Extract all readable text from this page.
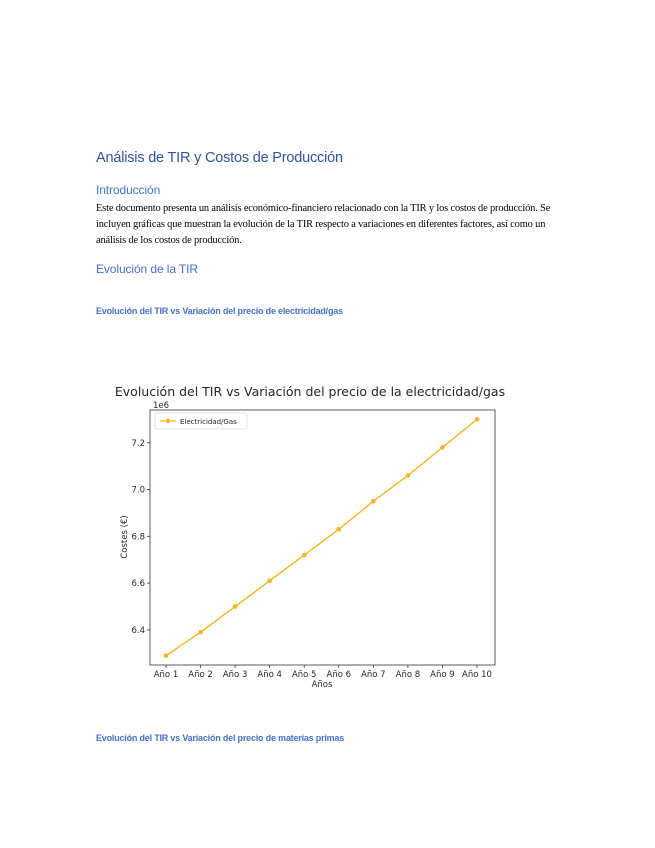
Análisis de TIR y Costos de Producción
Introducción

Este documento presenta un análisis económico-financiero relacionado con la TIR y los costos de producción. Se incluyen gráficas que muestran la evolución de la TIR respecto a variaciones en diferentes factores, así como un análisis de los costos de producción.

Evolución de la TIR

Evolución del TIR vs Variación del precio de electricidad/gas

Evolución del TIR vs Variación del precio de la electricidad/gas
1e6
Costes (€)
Años
6.4
6.6
6.8
7.0
7.2
Año 1 Año 2 Año 3 Año 4 Año 5 Año 6 Año 7 Año 8 Año 9 Año 10
Electricidad/Gas

Evolución del TIR vs Variación del precio de materias primas
